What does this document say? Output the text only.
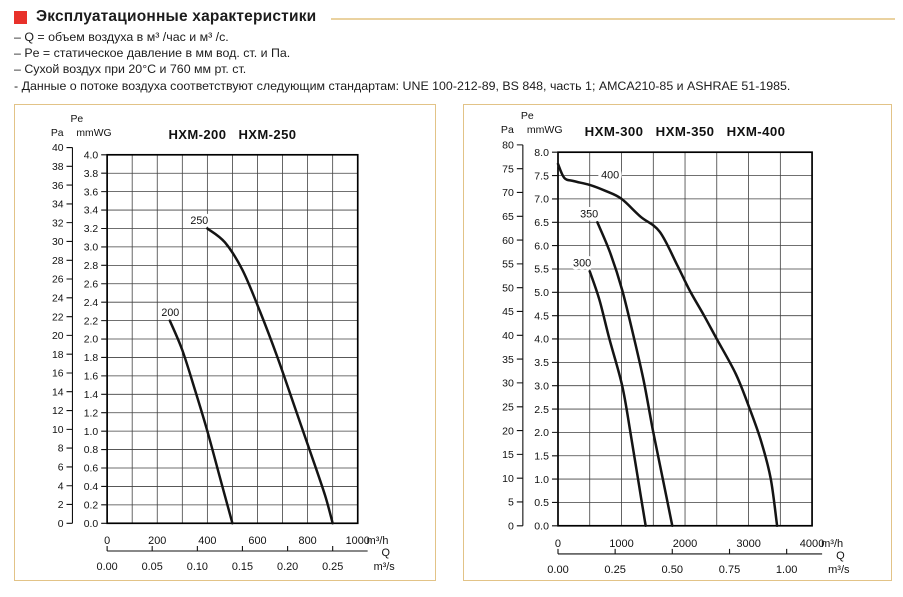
Эксплуатационные характеристики
– Q = объем воздуха в м³ /час и м³ /с.
– Pe = статическое давление в мм вод. ст. и Па.
– Сухой воздух при 20°C и 760 мм рт. ст.
- Данные о потоке воздуха соответствуют следующим стандартам: UNE 100-212-89, BS 848, часть 1; AMCA210-85 и ASHRAE 51-1985.
0.0
0.2
0.4
0.6
0.8
1.0
1.2
1.4
1.6
1.8
2.0
2.2
2.4
2.6
2.8
3.0
3.2
3.4
3.6
3.8
4.0
0
2
4
6
8
10
12
14
16
18
20
22
24
26
28
30
32
34
36
38
40
Pe
Pa mmWG	HXM-200   HXM-250
0	200	400	600	800	1000
m³/h
0.00 0.05 0.10 0.15 0.20 0.25
Q
m³/s
200
250
0.0
0.5
1.0
1.5
2.0
2.5
3.0
3.5
4.0
4.5
5.0
5.5
6.0
6.5
7.0
7.5
8.0
0
5
10
15
20
25
30
35
40
45
50
55
60
65
70
75
80
Pe
Pa mmWG HXM-300   HXM-350   HXM-400
0	1000	2000	3000	4000
m³/h
0.00	0.25	0.50	0.75	1.00
Q
m³/s
300
350
400
